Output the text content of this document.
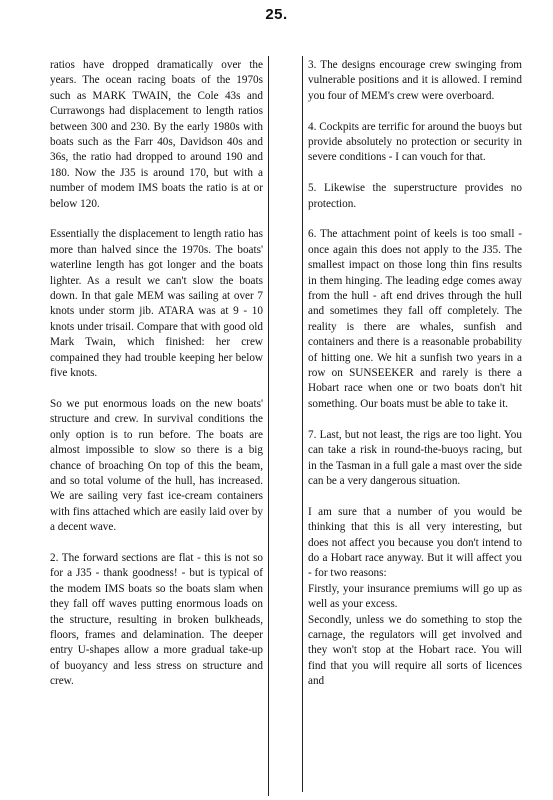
25.

ratios have dropped dramatically over the years. The ocean racing boats of the 1970s such as MARK TWAIN, the Cole 43s and Currawongs had displacement to length ratios between 300 and 230. By the early 1980s with boats such as the Farr 40s, Davidson 40s and 36s, the ratio had dropped to around 190 and 180. Now the J35 is around 170, but with a number of modem IMS boats the ratio is at or below 120.

Essentially the displacement to length ratio has more than halved since the 1970s. The boats' waterline length has got longer and the boats lighter. As a result we can't slow the boats down. In that gale MEM was sailing at over 7 knots under storm jib. ATARA was at 9 - 10 knots under trisail. Compare that with good old Mark Twain, which finished: her crew compained they had trouble keeping her below five knots.

So we put enormous loads on the new boats' structure and crew. In survival conditions the only option is to run before. The boats are almost impossible to slow so there is a big chance of broaching On top of this the beam, and so total volume of the hull, has increased. We are sailing very fast ice-cream containers with fins attached which are easily laid over by a decent wave.

2. The forward sections are flat - this is not so for a J35 - thank goodness! - but is typical of the modem IMS boats so the boats slam when they fall off waves putting enormous loads on the structure, resulting in broken bulkheads, floors, frames and delamination. The deeper entry U-shapes allow a more gradual take-up of buoyancy and less stress on structure and crew.

3. The designs encourage crew swinging from vulnerable positions and it is allowed. I remind you four of MEM's crew were overboard.

4. Cockpits are terrific for around the buoys but provide absolutely no protection or security in severe conditions - I can vouch for that.

5. Likewise the superstructure provides no protection.

6. The attachment point of keels is too small - once again this does not apply to the J35. The smallest impact on those long thin fins results in them hinging. The leading edge comes away from the hull - aft end drives through the hull and sometimes they fall off completely. The reality is there are whales, sunfish and containers and there is a reasonable probability of hitting one. We hit a sunfish two years in a row on SUNSEEKER and rarely is there a Hobart race when one or two boats don't hit something. Our boats must be able to take it.

7. Last, but not least, the rigs are too light. You can take a risk in round-the-buoys racing, but in the Tasman in a full gale a mast over the side can be a very dangerous situation.

I am sure that a number of you would be thinking that this is all very interesting, but does not affect you because you don't intend to do a Hobart race anyway. But it will affect you - for two reasons:
Firstly, your insurance premiums will go up as well as your excess.
Secondly, unless we do something to stop the carnage, the regulators will get involved and they won't stop at the Hobart race. You will find that you will require all sorts of licences and
